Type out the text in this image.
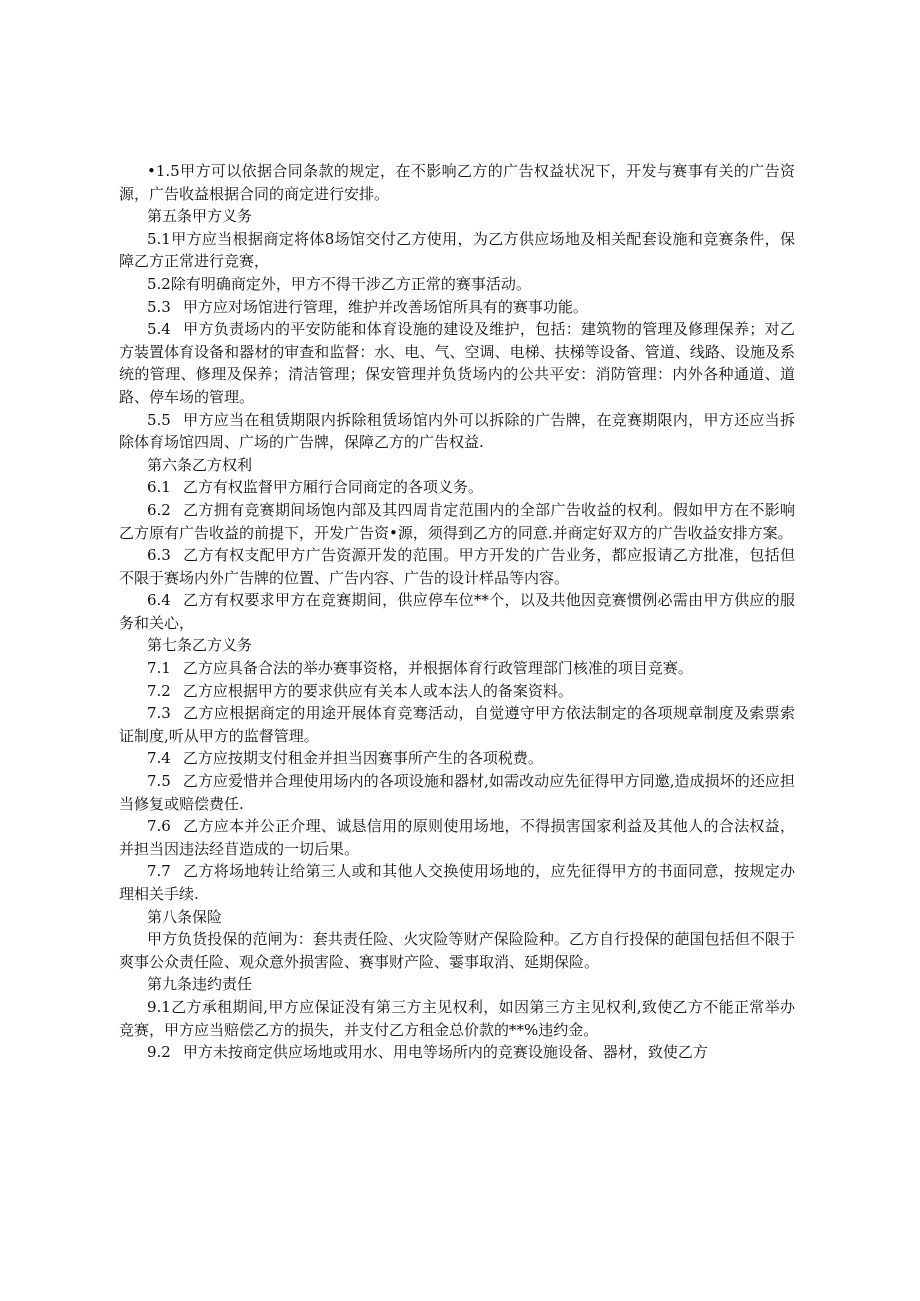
•1.5甲方可以依据合同条款的规定，在不影响乙方的广告权益状况下，开发与赛事有关的广告资源，广告收益根据合同的商定进行安排。

第五条甲方义务

5.1甲方应当根据商定将体8场馆交付乙方使用，为乙方供应场地及相关配套设施和竞赛条件，保障乙方正常进行竞赛，

5.2除有明确商定外，甲方不得干涉乙方正常的赛事活动。

5.3 甲方应对场馆进行管理，维护并改善场馆所具有的赛事功能。

5.4 甲方负责场内的平安防能和体育设施的建设及维护，包括：建筑物的管理及修理保养；对乙方装置体育设备和器材的审查和监督：水、电、气、空调、电梯、扶梯等设备、管道、线路、设施及系统的管理、修理及保养；清洁管理；保安管理并负货场内的公共平安：消防管理：内外各种通道、道路、停车场的管理。

5.5 甲方应当在租赁期限内拆除租赁场馆内外可以拆除的广告牌，在竞赛期限内，甲方还应当拆除体育场馆四周、广场的广告牌，保障乙方的广告权益.

第六条乙方权利

6.1 乙方有权监督甲方厢行合同商定的各项义务。

6.2 乙方拥有竞赛期间场饱内部及其四周肯定范围内的全部广告收益的权利。假如甲方在不影响乙方原有广告收益的前提下，开发广告资•源，须得到乙方的同意.并商定好双方的广告收益安排方案。

6.3 乙方有权支配甲方广告资源开发的范围。甲方开发的广告业务，都应报请乙方批准，包括但不限于赛场内外广告牌的位置、广告内容、广告的设计样品等内容。

6.4 乙方有权要求甲方在竞赛期间，供应停车位**个，以及共他因竞赛惯例必需由甲方供应的服务和关心，

第七条乙方义务

7.1 乙方应具备合法的举办赛事资格，并根据体育行政管理部门核准的项目竞赛。

7.2 乙方应根据甲方的要求供应有关本人或本法人的备案资料。

7.3 乙方应根据商定的用途开展体育竞骞活动，自觉遵守甲方依法制定的各项规章制度及索票索证制度,听从甲方的监督管理。

7.4 乙方应按期支付租金并担当因赛事所产生的各项税费。

7.5 乙方应爱惜并合理使用场内的各项设施和器材,如需改动应先征得甲方同邀,造成损坏的还应担当修复或赔偿费任.

7.6 乙方应本并公正介理、诚恳信用的原则使用场地，不得损害国家利益及其他人的合法权益，并担当因违法经苜造成的一切后果。

7.7 乙方将场地转让给第三人或和其他人交换使用场地的，应先征得甲方的书面同意，按规定办理相关手续.

第八条保险

甲方负货投保的范闸为：套共责任险、火灾险等财产保险险种。乙方自行投保的葩国包括但不限于爽事公众责任险、观众意外损害险、赛事财产险、霎事取消、延期保险。

第九条违约责任

9.1乙方承租期间,甲方应保证没有第三方主见权利，如因第三方主见权利,致使乙方不能正常举办竞赛，甲方应当赔偿乙方的损失，并支付乙方租金总价款的**%违约金。

9.2 甲方未按商定供应场地或用水、用电等场所内的竞赛设施设备、器材，致使乙方
